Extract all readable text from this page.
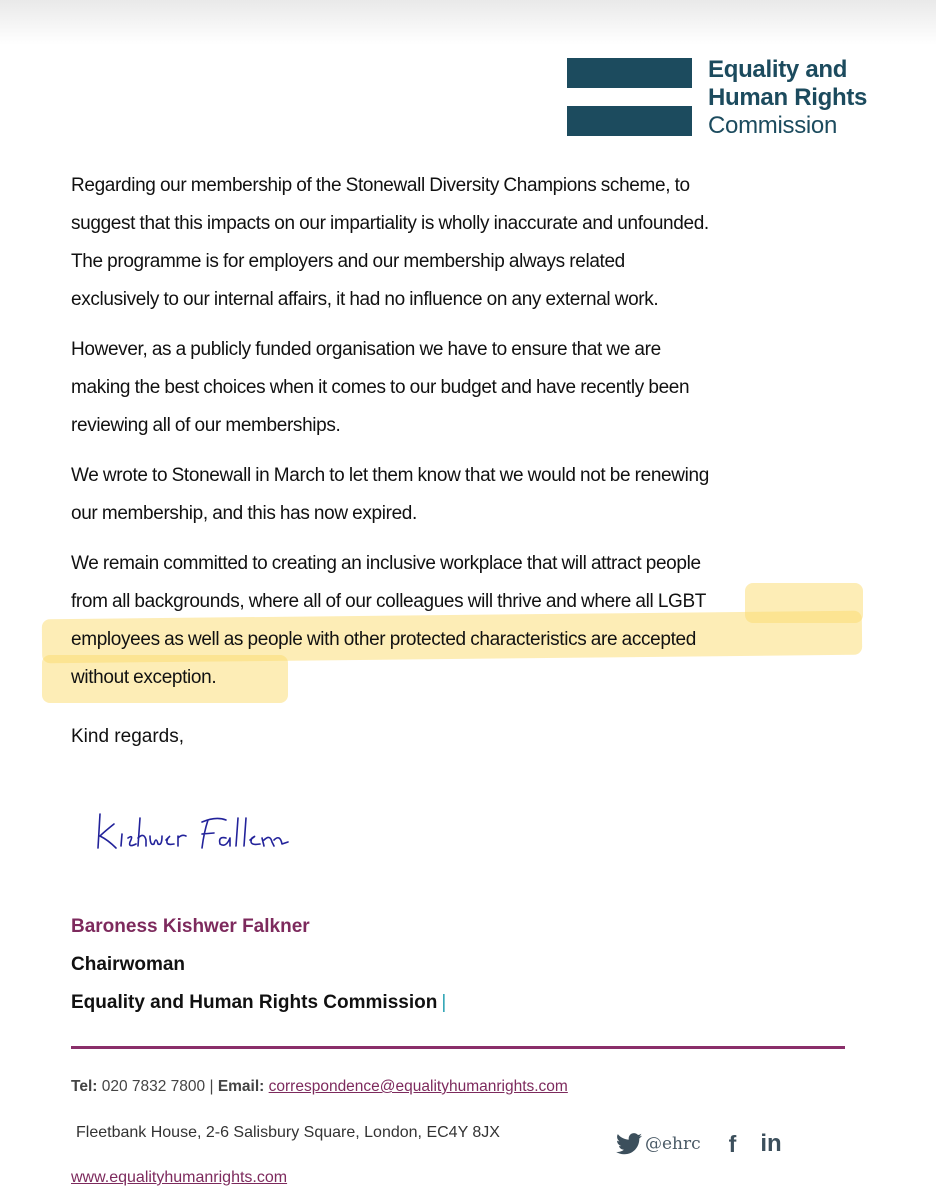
Equality and
Human Rights
Commission
Regarding our membership of the Stonewall Diversity Champions scheme, to
suggest that this impacts on our impartiality is wholly inaccurate and unfounded.
The programme is for employers and our membership always related
exclusively to our internal affairs, it had no influence on any external work.
However, as a publicly funded organisation we have to ensure that we are
making the best choices when it comes to our budget and have recently been
reviewing all of our memberships.
We wrote to Stonewall in March to let them know that we would not be renewing
our membership, and this has now expired.
We remain committed to creating an inclusive workplace that will attract people
from all backgrounds, where all of our colleagues will thrive and where all LGBT
employees as well as people with other protected characteristics are accepted
without exception.
Kind regards,
Baroness Kishwer Falkner
Chairwoman
Equality and Human Rights Commission |
Tel: 020 7832 7800 | Email: correspondence@equalityhumanrights.com
Fleetbank House, 2-6 Salisbury Square, London, EC4Y 8JX
@ehrc f in
www.equalityhumanrights.com
